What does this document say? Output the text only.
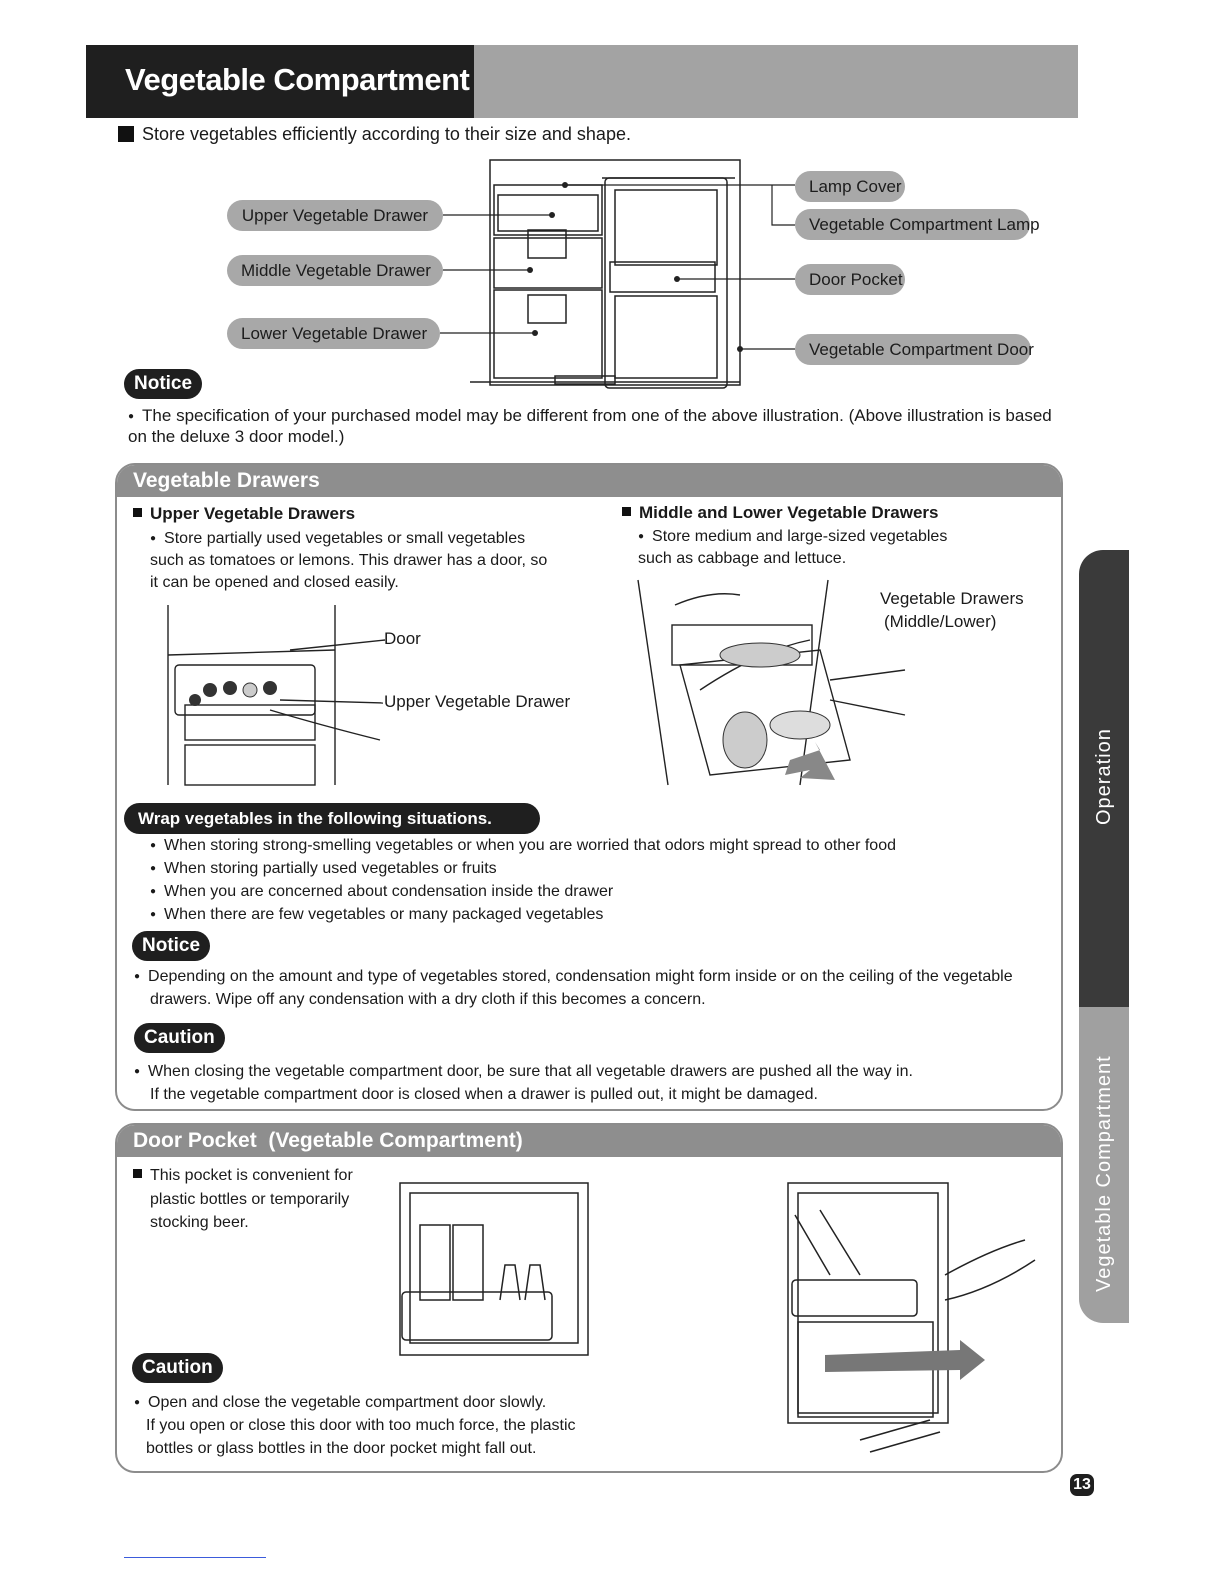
Vegetable Compartment
Store vegetables efficiently according to their size and shape.
Upper Vegetable Drawer
Middle Vegetable Drawer
Lower Vegetable Drawer
Lamp Cover
Vegetable Compartment Lamp
Door Pocket
Vegetable Compartment Door
Notice
● The specification of your purchased model may be different from one of the above illustration. (Above illustration is based on the deluxe 3 door model.)
Vegetable Drawers
Upper Vegetable Drawers
● Store partially used vegetables or small vegetables such as tomatoes or lemons. This drawer has a door, so it can be opened and closed easily.
Middle and Lower Vegetable Drawers
● Store medium and large-sized vegetables such as cabbage and lettuce.
Door
Upper Vegetable Drawer
Vegetable Drawers
(Middle/Lower)
Wrap vegetables in the following situations.
● When storing strong-smelling vegetables or when you are worried that odors might spread to other food
● When storing partially used vegetables or fruits
● When you are concerned about condensation inside the drawer
● When there are few vegetables or many packaged vegetables
Notice
● Depending on the amount and type of vegetables stored, condensation might form inside or on the ceiling of the vegetable
drawers. Wipe off any condensation with a dry cloth if this becomes a concern.
Caution
● When closing the vegetable compartment door, be sure that all vegetable drawers are pushed all the way in.
If the vegetable compartment door is closed when a drawer is pulled out, it might be damaged.
Door Pocket (Vegetable Compartment)
This pocket is convenient for
plastic bottles or temporarily
stocking beer.
Caution
● Open and close the vegetable compartment door slowly.
If you open or close this door with too much force, the plastic
bottles or glass bottles in the door pocket might fall out.
Operation
Vegetable Compartment
13
